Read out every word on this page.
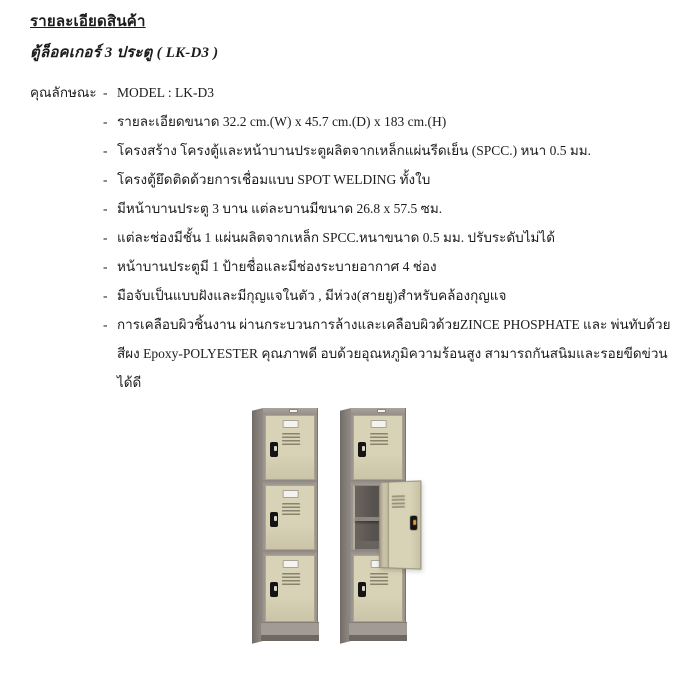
รายละเอียดสินค้า
ตู้ล็อคเกอร์ 3 ประตู ( LK-D3 )
คุณลักษณะ - MODEL : LK-D3
- รายละเอียดขนาด 32.2 cm.(W) x 45.7 cm.(D) x 183 cm.(H)
- โครงสร้าง โครงตู้และหน้าบานประตูผลิตจากเหล็กแผ่นรีดเย็น (SPCC.) หนา 0.5 มม.
- โครงตู้ยึดติดด้วยการเชื่อมแบบ SPOT WELDING ทั้งใบ
- มีหน้าบานประตู 3 บาน แต่ละบานมีขนาด 26.8 x 57.5 ซม.
- แต่ละช่องมีชั้น 1 แผ่นผลิตจากเหล็ก SPCC.หนาขนาด 0.5 มม. ปรับระดับไม่ได้
- หน้าบานประตูมี 1 ป้ายชื่อและมีช่องระบายอากาศ 4 ช่อง
- มือจับเป็นแบบฝังและมีกุญแจในตัว , มีห่วง(สายยู)สำหรับคล้องกุญแจ
- การเคลือบผิวชิ้นงาน ผ่านกระบวนการล้างและเคลือบผิวด้วยZINCE PHOSPHATE และ พ่นทับด้วย
สีผง Epoxy-POLYESTER คุณภาพดี อบด้วยอุณหภูมิความร้อนสูง สามารถกันสนิมและรอยขีดข่วนได้ดี
